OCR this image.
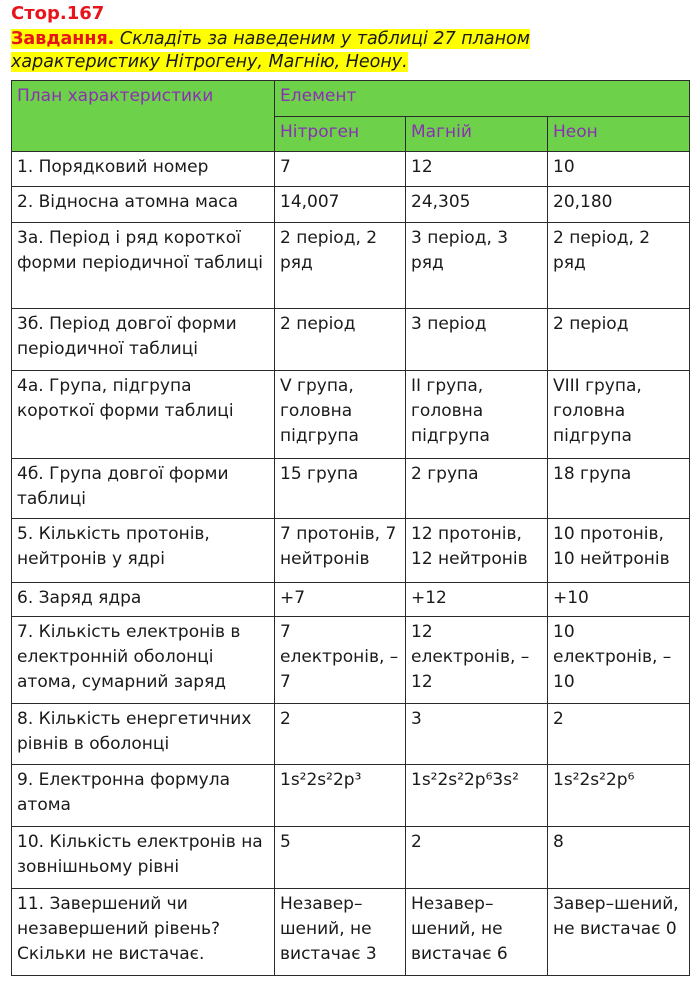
Стор.167
Завдання. Складіть за наведеним у таблиці 27 планом
характеристику Нітрогену, Магнію, Неону.
План характеристики	Елемент		
	Нітроген	Магній	Неон
1. Порядковий номер	7	12	10
2. Відносна атомна маса	14,007	24,305	20,180
3а. Період і ряд короткої форми періодичної таблиці	2 період, 2 ряд	3 період, 3 ряд	2 період, 2 ряд
3б. Період довгої форми періодичної таблиці	2 період	3 період	2 період
4а. Група, підгрупа короткої форми таблиці	V група, головна підгрупа	II група, головна підгрупа	VIII група, головна підгрупа
4б. Група довгої форми таблиці	15 група	2 група	18 група
5. Кількість протонів, нейтронів у ядрі	7 протонів, 7 нейтронів	12 протонів, 12 нейтронів	10 протонів, 10 нейтронів
6. Заряд ядра	+7	+12	+10
7. Кількість електронів в електронній оболонці атома, сумарний заряд	7 електронів, –7	12 електронів, – 12	10 електронів, – 10
8. Кількість енергетичних рівнів в оболонці	2	3	2
9. Електронна формула атома	1s²2s²2p³	1s²2s²2p⁶3s²	1s²2s²2p⁶
10. Кількість електронів на зовнішньому рівні	5	2	8
11. Завершений чи незавершений рівень? Скільки не вистачає.	Незавер–шений, не вистачає 3	Незавер–шений, не вистачає 6	Завер–шений, не вистачає 0
